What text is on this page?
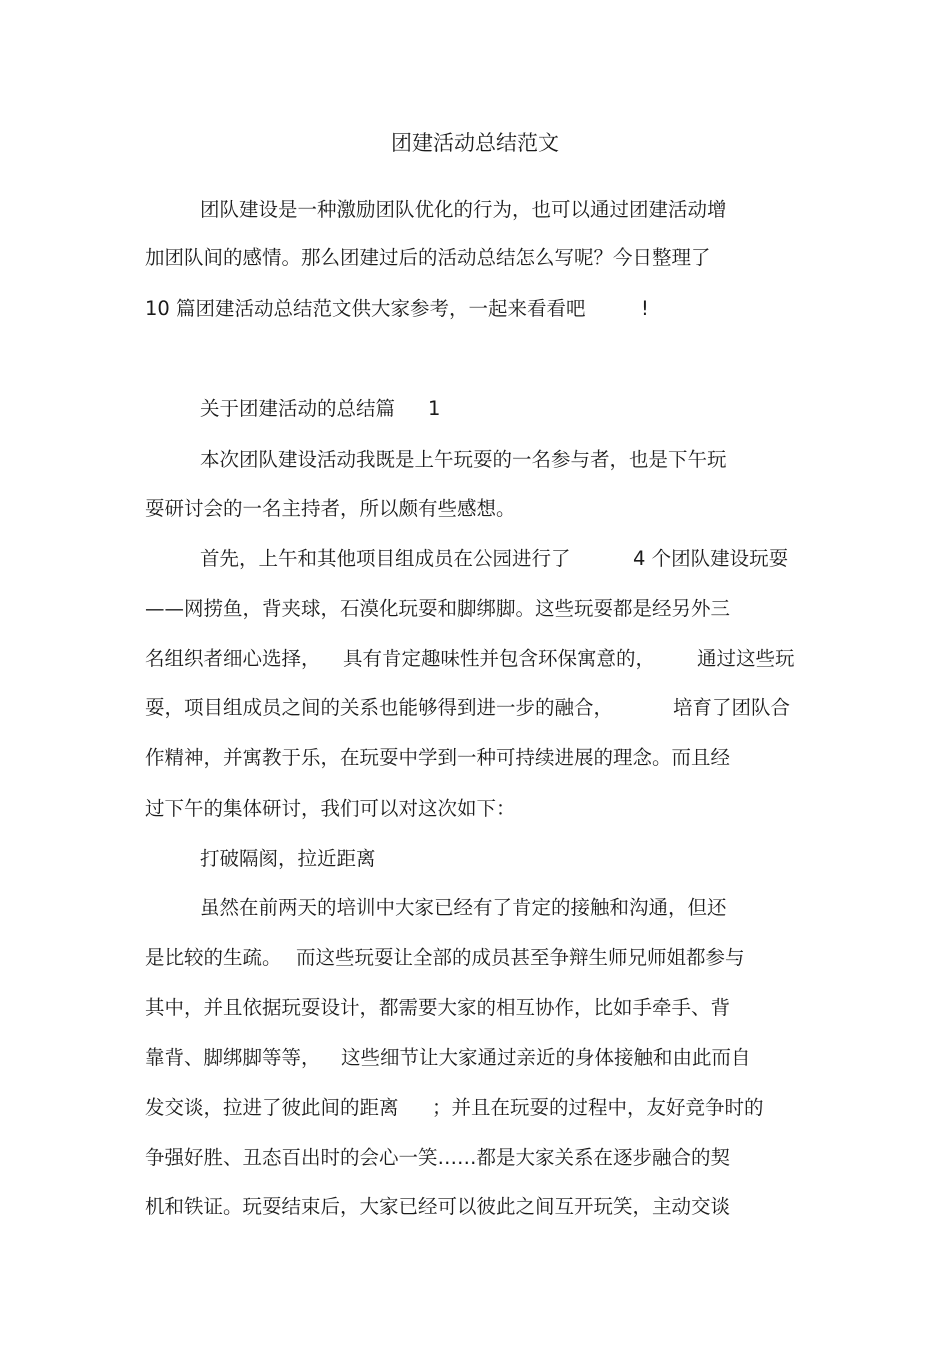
团建活动总结范文
团队建设是一种激励团队优化的行为，也可以通过团建活动增
加团队间的感情。那么团建过后的活动总结怎么写呢？今日整理了
10 篇团建活动总结范文供大家参考，一起来看看吧	!
关于团建活动的总结篇 1
本次团队建设活动我既是上午玩耍的一名参与者，也是下午玩
耍研讨会的一名主持者，所以颇有些感想。
首先，上午和其他项目组成员在公园进行了	4 个团队建设玩耍
——网捞鱼，背夹球，石漠化玩耍和脚绑脚。这些玩耍都是经另外三
名组织者细心选择， 具有肯定趣味性并包含环保寓意的， 通过这些玩
耍，项目组成员之间的关系也能够得到进一步的融合，	培育了团队合
作精神，并寓教于乐，在玩耍中学到一种可持续进展的理念。而且经
过下午的集体研讨，我们可以对这次如下：
打破隔阂，拉近距离
虽然在前两天的培训中大家已经有了肯定的接触和沟通，但还
是比较的生疏。 而这些玩耍让全部的成员甚至争辩生师兄师姐都参与
其中，并且依据玩耍设计，都需要大家的相互协作，比如手牵手、背
靠背、脚绑脚等等， 这些细节让大家通过亲近的身体接触和由此而自
发交谈，拉进了彼此间的距离 ；并且在玩耍的过程中，友好竞争时的
争强好胜、丑态百出时的会心一笑……都是大家关系在逐步融合的契
机和铁证。玩耍结束后，大家已经可以彼此之间互开玩笑，主动交谈
